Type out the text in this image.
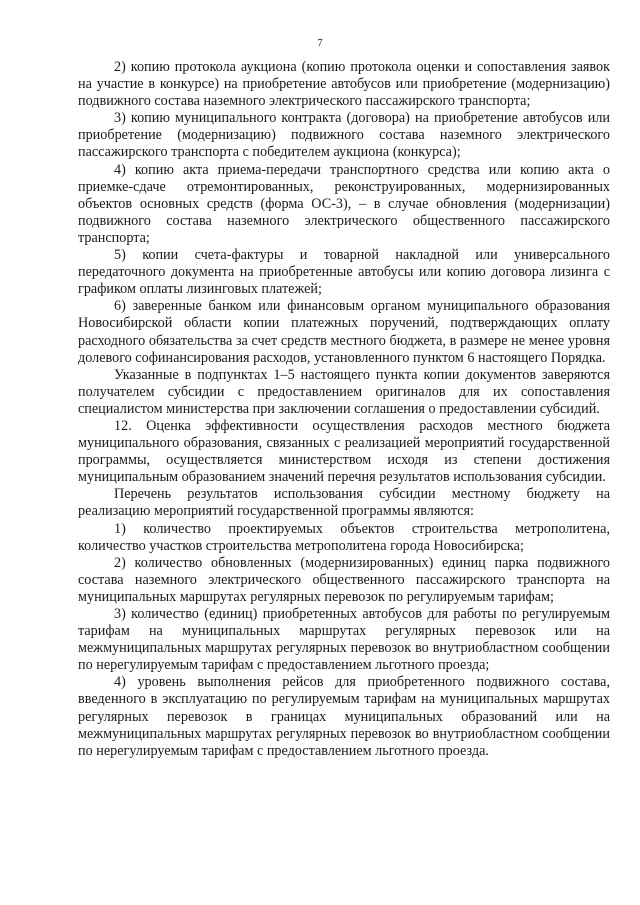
7

2) копию протокола аукциона (копию протокола оценки и сопоставления заявок на участие в конкурсе) на приобретение автобусов или приобретение (модернизацию) подвижного состава наземного электрического пассажирского транспорта;

3) копию муниципального контракта (договора) на приобретение автобусов или приобретение (модернизацию) подвижного состава наземного электрического пассажирского транспорта с победителем аукциона (конкурса);

4) копию акта приема-передачи транспортного средства или копию акта о приемке-сдаче отремонтированных, реконструированных, модернизированных объектов основных средств (форма ОС-3), – в случае обновления (модернизации) подвижного состава наземного электрического общественного пассажирского транспорта;

5) копии счета-фактуры и товарной накладной или универсального передаточного документа на приобретенные автобусы или копию договора лизинга с графиком оплаты лизинговых платежей;

6) заверенные банком или финансовым органом муниципального образования Новосибирской области копии платежных поручений, подтверждающих оплату расходного обязательства за счет средств местного бюджета, в размере не менее уровня долевого софинансирования расходов, установленного пунктом 6 настоящего Порядка.

Указанные в подпунктах 1–5 настоящего пункта копии документов заверяются получателем субсидии с предоставлением оригиналов для их сопоставления специалистом министерства при заключении соглашения о предоставлении субсидий.

12. Оценка эффективности осуществления расходов местного бюджета муниципального образования, связанных с реализацией мероприятий государственной программы, осуществляется министерством исходя из степени достижения муниципальным образованием значений перечня результатов использования субсидии.

Перечень результатов использования субсидии местному бюджету на реализацию мероприятий государственной программы являются:

1) количество проектируемых объектов строительства метрополитена, количество участков строительства метрополитена города Новосибирска;

2) количество обновленных (модернизированных) единиц парка подвижного состава наземного электрического общественного пассажирского транспорта на муниципальных маршрутах регулярных перевозок по регулируемым тарифам;

3) количество (единиц) приобретенных автобусов для работы по регулируемым тарифам на муниципальных маршрутах регулярных перевозок или на межмуниципальных маршрутах регулярных перевозок во внутриобластном сообщении по нерегулируемым тарифам с предоставлением льготного проезда;

4) уровень выполнения рейсов для приобретенного подвижного состава, введенного в эксплуатацию по регулируемым тарифам на муниципальных маршрутах регулярных перевозок в границах муниципальных образований или на межмуниципальных маршрутах регулярных перевозок во внутриобластном сообщении по нерегулируемым тарифам с предоставлением льготного проезда.
